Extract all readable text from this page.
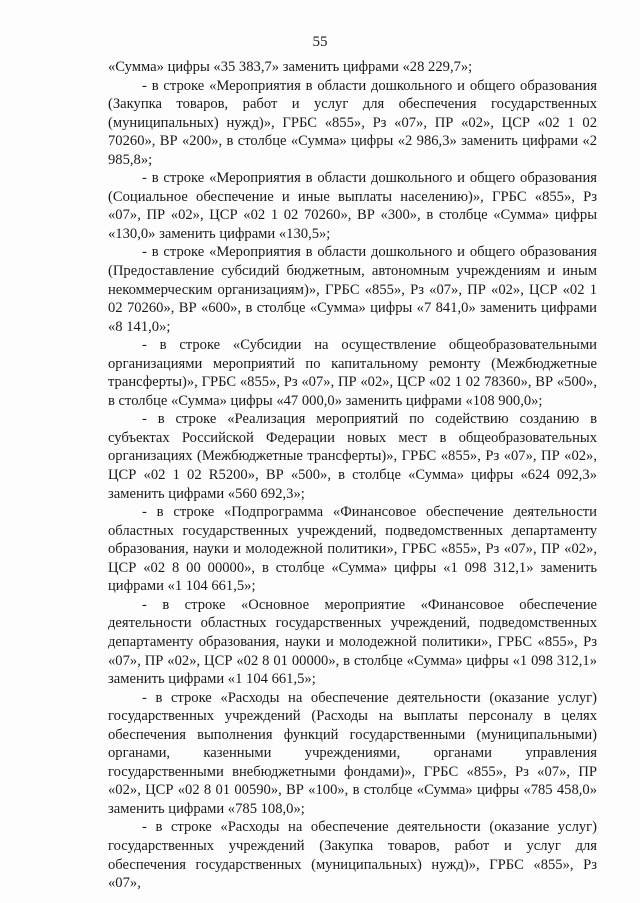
55

«Сумма» цифры «35 383,7» заменить цифрами «28 229,7»;

- в строке «Мероприятия в области дошкольного и общего образования (Закупка товаров, работ и услуг для обеспечения государственных (муниципальных) нужд)», ГРБС «855», Рз «07», ПР «02», ЦСР «02 1 02 70260», ВР «200», в столбце «Сумма» цифры «2 986,3» заменить цифрами «2 985,8»;

- в строке «Мероприятия в области дошкольного и общего образования (Социальное обеспечение и иные выплаты населению)», ГРБС «855», Рз «07», ПР «02», ЦСР «02 1 02 70260», ВР «300», в столбце «Сумма» цифры «130,0» заменить цифрами «130,5»;

- в строке «Мероприятия в области дошкольного и общего образования (Предоставление субсидий бюджетным, автономным учреждениям и иным некоммерческим организациям)», ГРБС «855», Рз «07», ПР «02», ЦСР «02 1 02 70260», ВР «600», в столбце «Сумма» цифры «7 841,0» заменить цифрами «8 141,0»;

- в строке «Субсидии на осуществление общеобразовательными организациями мероприятий по капитальному ремонту (Межбюджетные трансферты)», ГРБС «855», Рз «07», ПР «02», ЦСР «02 1 02 78360», ВР «500», в столбце «Сумма» цифры «47 000,0» заменить цифрами «108 900,0»;

- в строке «Реализация мероприятий по содействию созданию в субъектах Российской Федерации новых мест в общеобразовательных организациях (Межбюджетные трансферты)», ГРБС «855», Рз «07», ПР «02», ЦСР «02 1 02 R5200», ВР «500», в столбце «Сумма» цифры «624 092,3» заменить цифрами «560 692,3»;

- в строке «Подпрограмма «Финансовое обеспечение деятельности областных государственных учреждений, подведомственных департаменту образования, науки и молодежной политики», ГРБС «855», Рз «07», ПР «02», ЦСР «02 8 00 00000», в столбце «Сумма» цифры «1 098 312,1» заменить цифрами «1 104 661,5»;

- в строке «Основное мероприятие «Финансовое обеспечение деятельности областных государственных учреждений, подведомственных департаменту образования, науки и молодежной политики», ГРБС «855», Рз «07», ПР «02», ЦСР «02 8 01 00000», в столбце «Сумма» цифры «1 098 312,1» заменить цифрами «1 104 661,5»;

- в строке «Расходы на обеспечение деятельности (оказание услуг) государственных учреждений (Расходы на выплаты персоналу в целях обеспечения выполнения функций государственными (муниципальными) органами, казенными учреждениями, органами управления государственными внебюджетными фондами)», ГРБС «855», Рз «07», ПР «02», ЦСР «02 8 01 00590», ВР «100», в столбце «Сумма» цифры «785 458,0» заменить цифрами «785 108,0»;

- в строке «Расходы на обеспечение деятельности (оказание услуг) государственных учреждений (Закупка товаров, работ и услуг для обеспечения государственных (муниципальных) нужд)», ГРБС «855», Рз «07»,
